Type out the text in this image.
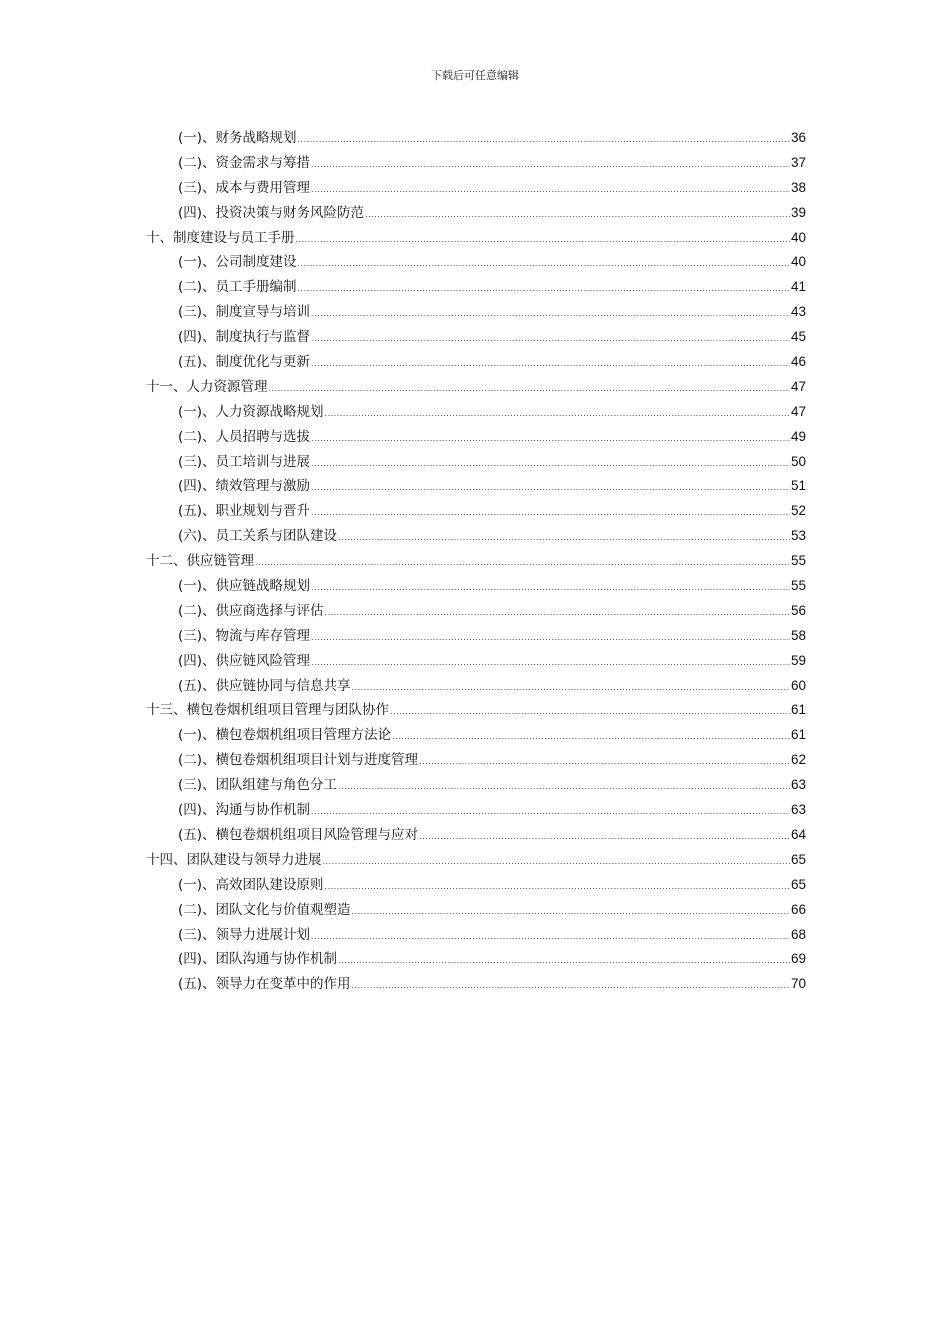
下载后可任意编辑
(一)、财务战略规划 .....	36
(二)、资金需求与筹措 .....	37
(三)、成本与费用管理 .....	38
(四)、投资决策与财务风险防范 .....	39
十、制度建设与员工手册 .....	40
(一)、公司制度建设 .....	40
(二)、员工手册编制 .....	41
(三)、制度宣导与培训 .....	43
(四)、制度执行与监督 .....	45
(五)、制度优化与更新 .....	46
十一、人力资源管理 .....	47
(一)、人力资源战略规划 .....	47
(二)、人员招聘与选拔 .....	49
(三)、员工培训与进展 .....	50
(四)、绩效管理与激励 .....	51
(五)、职业规划与晋升 .....	52
(六)、员工关系与团队建设 .....	53
十二、供应链管理 .....	55
(一)、供应链战略规划 .....	55
(二)、供应商选择与评估 .....	56
(三)、物流与库存管理 .....	58
(四)、供应链风险管理 .....	59
(五)、供应链协同与信息共享 .....	60
十三、横包卷烟机组项目管理与团队协作 .....	61
(一)、横包卷烟机组项目管理方法论 .....	61
(二)、横包卷烟机组项目计划与进度管理 .....	62
(三)、团队组建与角色分工 .....	63
(四)、沟通与协作机制 .....	63
(五)、横包卷烟机组项目风险管理与应对 .....	64
十四、团队建设与领导力进展 .....	65
(一)、高效团队建设原则 .....	65
(二)、团队文化与价值观塑造 .....	66
(三)、领导力进展计划 .....	68
(四)、团队沟通与协作机制 .....	69
(五)、领导力在变革中的作用 .....	70
